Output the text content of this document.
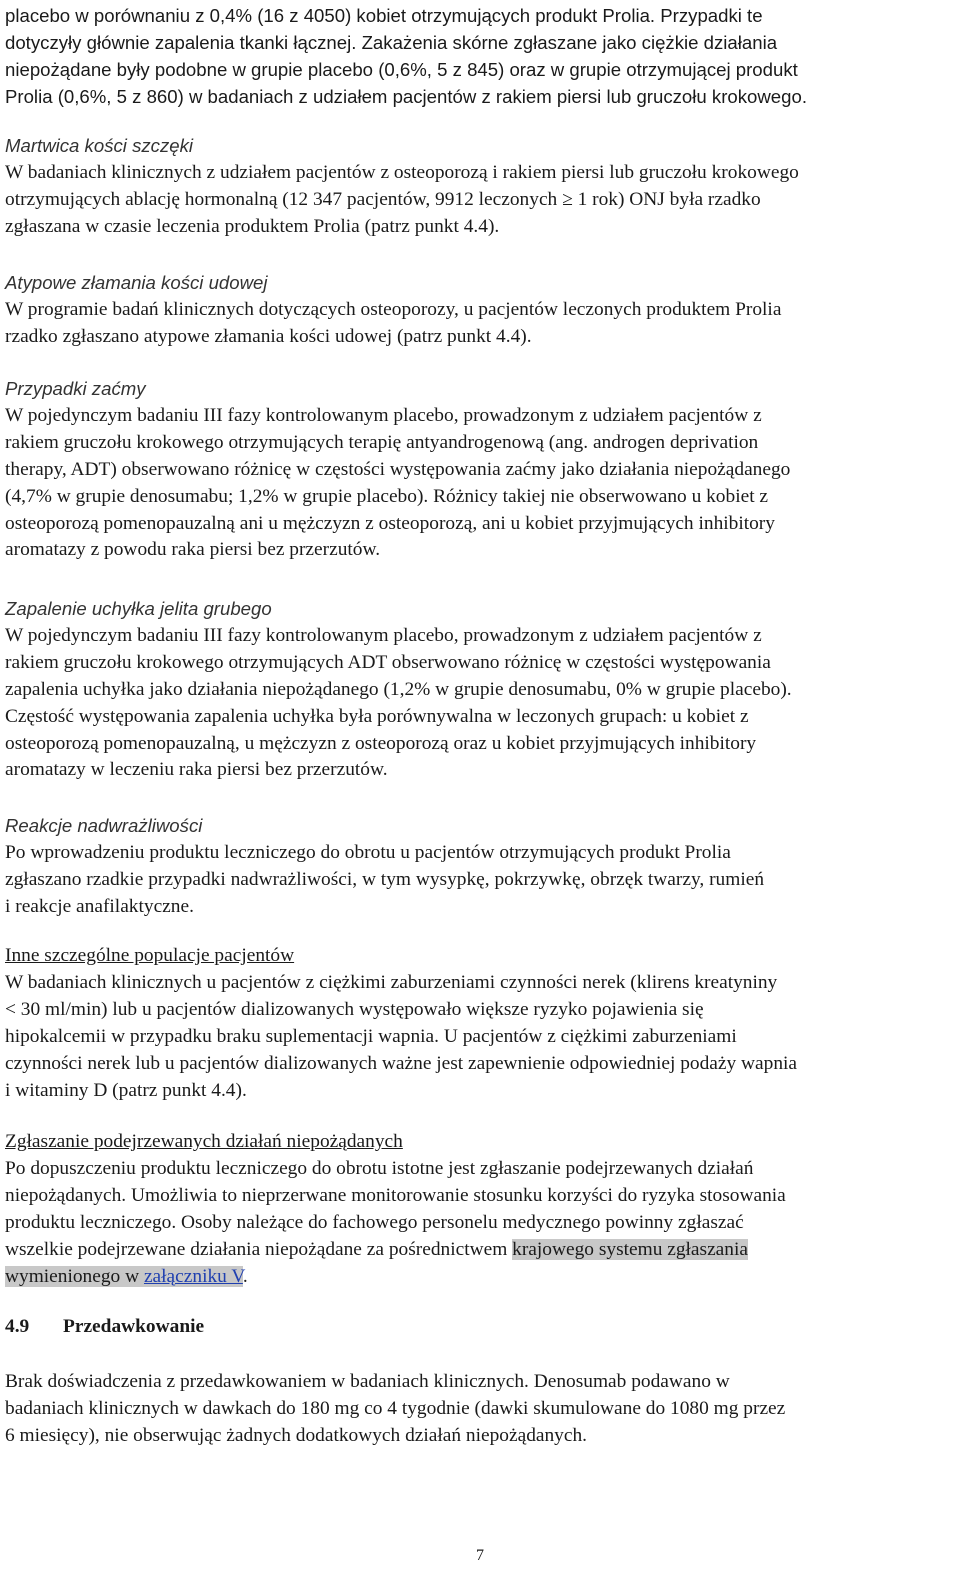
placebo w porównaniu z 0,4% (16 z 4050) kobiet otrzymujących produkt Prolia. Przypadki te

dotyczyły głównie zapalenia tkanki łącznej. Zakażenia skórne zgłaszane jako ciężkie działania

niepożądane były podobne w grupie placebo (0,6%, 5 z 845) oraz w grupie otrzymującej produkt

Prolia (0,6%, 5 z 860) w badaniach z udziałem pacjentów z rakiem piersi lub gruczołu krokowego.

Martwica kości szczęki

W badaniach klinicznych z udziałem pacjentów z osteoporozą i rakiem piersi lub gruczołu krokowego

otrzymujących ablację hormonalną (12 347 pacjentów, 9912 leczonych ≥ 1 rok) ONJ była rzadko

zgłaszana w czasie leczenia produktem Prolia (patrz punkt 4.4).

Atypowe złamania kości udowej

W programie badań klinicznych dotyczących osteoporozy, u pacjentów leczonych produktem Prolia

rzadko zgłaszano atypowe złamania kości udowej (patrz punkt 4.4).

Przypadki zaćmy

W pojedynczym badaniu III fazy kontrolowanym placebo, prowadzonym z udziałem pacjentów z

rakiem gruczołu krokowego otrzymujących terapię antyandrogenową (ang. androgen deprivation

therapy, ADT) obserwowano różnicę w częstości występowania zaćmy jako działania niepożądanego

(4,7% w grupie denosumabu; 1,2% w grupie placebo). Różnicy takiej nie obserwowano u kobiet z

osteoporozą pomenopauzalną ani u mężczyzn z osteoporozą, ani u kobiet przyjmujących inhibitory

aromatazy z powodu raka piersi bez przerzutów.

Zapalenie uchyłka jelita grubego

W pojedynczym badaniu III fazy kontrolowanym placebo, prowadzonym z udziałem pacjentów z

rakiem gruczołu krokowego otrzymujących ADT obserwowano różnicę w częstości występowania

zapalenia uchyłka jako działania niepożądanego (1,2% w grupie denosumabu, 0% w grupie placebo).

Częstość występowania zapalenia uchyłka była porównywalna w leczonych grupach: u kobiet z

osteoporozą pomenopauzalną, u mężczyzn z osteoporozą oraz u kobiet przyjmujących inhibitory

aromatazy w leczeniu raka piersi bez przerzutów.

Reakcje nadwrażliwości

Po wprowadzeniu produktu leczniczego do obrotu u pacjentów otrzymujących produkt Prolia

zgłaszano rzadkie przypadki nadwrażliwości, w tym wysypkę, pokrzywkę, obrzęk twarzy, rumień

i reakcje anafilaktyczne.

Inne szczególne populacje pacjentów

W badaniach klinicznych u pacjentów z ciężkimi zaburzeniami czynności nerek (klirens kreatyniny

< 30 ml/min) lub u pacjentów dializowanych występowało większe ryzyko pojawienia się

hipokalcemii w przypadku braku suplementacji wapnia. U pacjentów z ciężkimi zaburzeniami

czynności nerek lub u pacjentów dializowanych ważne jest zapewnienie odpowiedniej podaży wapnia

i witaminy D (patrz punkt 4.4).

Zgłaszanie podejrzewanych działań niepożądanych

Po dopuszczeniu produktu leczniczego do obrotu istotne jest zgłaszanie podejrzewanych działań

niepożądanych. Umożliwia to nieprzerwane monitorowanie stosunku korzyści do ryzyka stosowania

produktu leczniczego. Osoby należące do fachowego personelu medycznego powinny zgłaszać

wszelkie podejrzewane działania niepożądane za pośrednictwem krajowego systemu zgłaszania

wymienionego w załączniku V.

4.9 Przedawkowanie

Brak doświadczenia z przedawkowaniem w badaniach klinicznych. Denosumab podawano w

badaniach klinicznych w dawkach do 180 mg co 4 tygodnie (dawki skumulowane do 1080 mg przez

6 miesięcy), nie obserwując żadnych dodatkowych działań niepożądanych.

7
